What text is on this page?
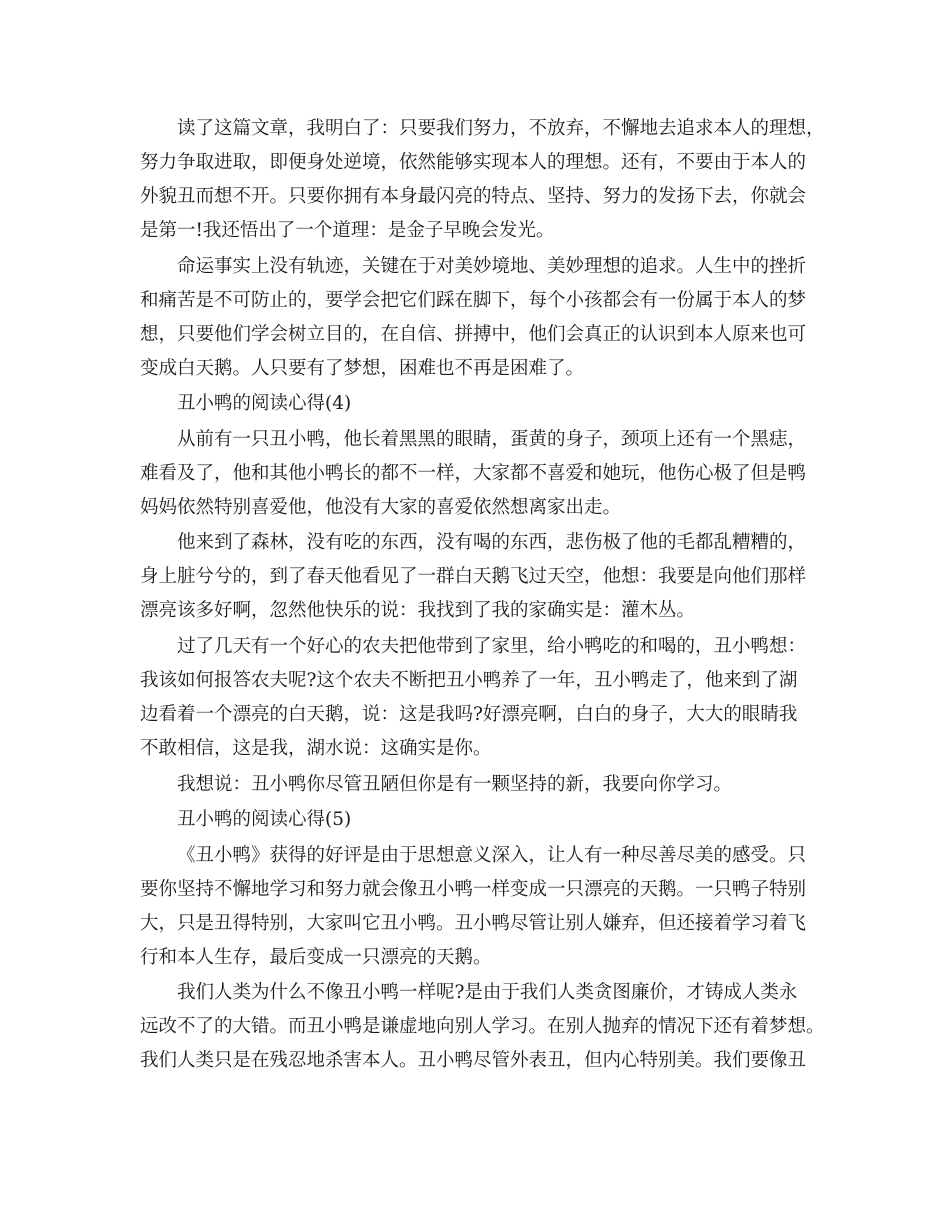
读了这篇文章，我明白了：只要我们努力，不放弃，不懈地去追求本人的理想，
努力争取进取，即便身处逆境，依然能够实现本人的理想。还有，不要由于本人的
外貌丑而想不开。只要你拥有本身最闪亮的特点、坚持、努力的发扬下去，你就会
是第一!我还悟出了一个道理：是金子早晚会发光。
命运事实上没有轨迹，关键在于对美妙境地、美妙理想的追求。人生中的挫折
和痛苦是不可防止的，要学会把它们踩在脚下，每个小孩都会有一份属于本人的梦
想，只要他们学会树立目的，在自信、拼搏中，他们会真正的认识到本人原来也可
变成白天鹅。人只要有了梦想，困难也不再是困难了。
丑小鸭的阅读心得(4)
从前有一只丑小鸭，他长着黑黑的眼睛，蛋黄的身子，颈项上还有一个黑痣，
难看及了，他和其他小鸭长的都不一样，大家都不喜爱和她玩，他伤心极了但是鸭
妈妈依然特别喜爱他，他没有大家的喜爱依然想离家出走。
他来到了森林，没有吃的东西，没有喝的东西，悲伤极了他的毛都乱糟糟的，
身上脏兮兮的，到了春天他看见了一群白天鹅飞过天空，他想：我要是向他们那样
漂亮该多好啊，忽然他快乐的说：我找到了我的家确实是：灌木丛。
过了几天有一个好心的农夫把他带到了家里，给小鸭吃的和喝的，丑小鸭想：
我该如何报答农夫呢?这个农夫不断把丑小鸭养了一年，丑小鸭走了，他来到了湖
边看着一个漂亮的白天鹅，说：这是我吗?好漂亮啊，白白的身子，大大的眼睛我
不敢相信，这是我，湖水说：这确实是你。
我想说：丑小鸭你尽管丑陋但你是有一颗坚持的新，我要向你学习。
丑小鸭的阅读心得(5)
《丑小鸭》获得的好评是由于思想意义深入，让人有一种尽善尽美的感受。只
要你坚持不懈地学习和努力就会像丑小鸭一样变成一只漂亮的天鹅。一只鸭子特别
大，只是丑得特别，大家叫它丑小鸭。丑小鸭尽管让别人嫌弃，但还接着学习着飞
行和本人生存，最后变成一只漂亮的天鹅。
我们人类为什么不像丑小鸭一样呢?是由于我们人类贪图廉价，才铸成人类永
远改不了的大错。而丑小鸭是谦虚地向别人学习。在别人抛弃的情况下还有着梦想。
我们人类只是在残忍地杀害本人。丑小鸭尽管外表丑，但内心特别美。我们要像丑
